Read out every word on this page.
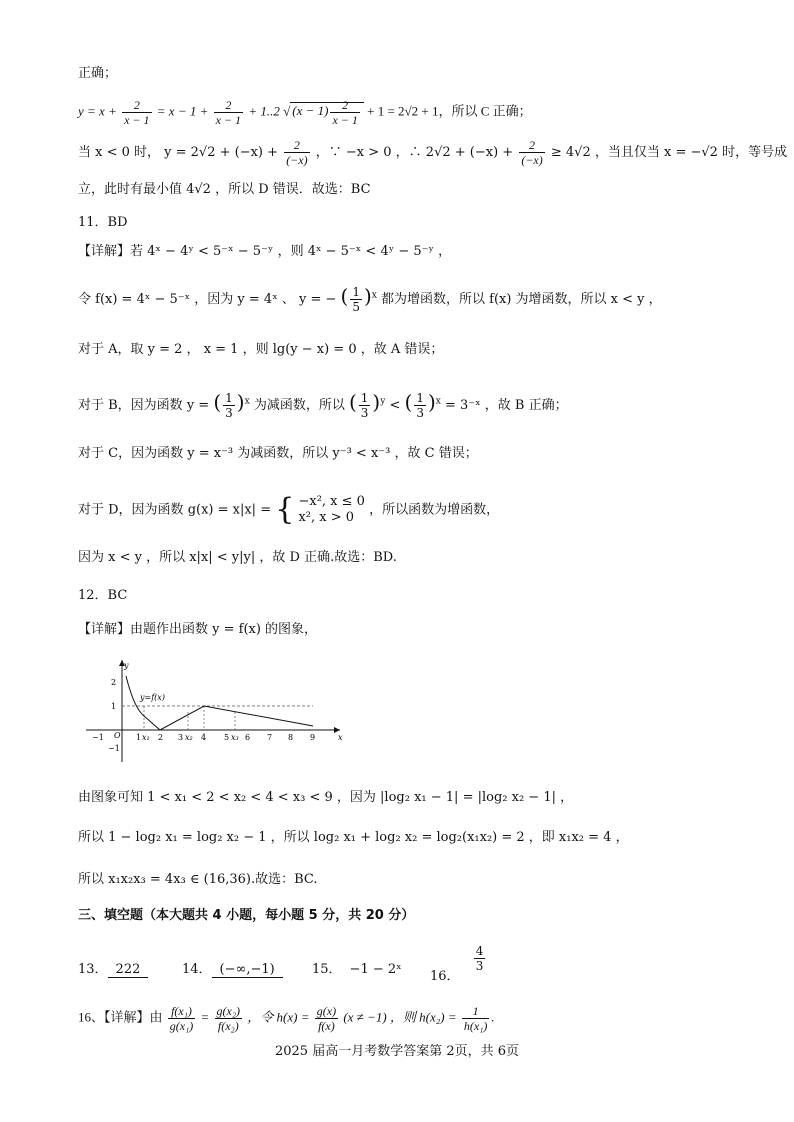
正确；
$y = x + \frac{2}{x - 1} = x - 1 + \frac{2}{x - 1} + 1..2$ √ $(x - 1) \frac{2}{x - 1} + 1 = 2√2 + 1$，所以 C 正确；
当 x < 0 时， $y = 2√2 + (-x) + \frac{2}{(-x)}$ ，∵ −x > 0 ，∴ $2√2 + (-x) + \frac{2}{(-x)} \ge 4√2$ ，当且仅当 x = −√2 时，等号成
立，此时有最小值 4√2 ，所以 D 错误．故选：BC
11．BD
【详解】若 4ˣ − 4ʸ < 5⁻ˣ − 5⁻ʸ ，则 4ˣ − 5⁻ˣ < 4ʸ − 5⁻ʸ ，
令 f(x) = 4ˣ − 5⁻ˣ ，因为 y = 4ˣ 、 y = − ( $\frac{1}{5} )^x$ 都为增函数，所以 f(x) 为增函数，所以 x < y ，
对于 A，取 y = 2 ， x = 1 ，则 lg(y − x) = 0 ，故 A 错误；
对于 B，因为函数 y = ( $\frac{1}{3} )^x$ 为减函数，所以 ( $\frac{1}{3} )^y$ < ( $\frac{1}{3} )^x$ = 3⁻ˣ ，故 B 正确；
对于 C，因为函数 y = x⁻³ 为减函数，所以 y⁻³ < x⁻³ ，故 C 错误；
对于 D，因为函数 g(x) = x|x| = { −x², x ≤ 0
x², x > 0	，所以函数为增函数，
因为 x < y ，所以 x|x| < y|y| ，故 D 正确.故选：BD.
12．BC
【详解】由题作出函数 y = f(x) 的图象，
y
x
O
2
1
−1
y=f(x)
−1	1 x₁ 2 3 x₂ 4 5 x₃ 6 7 8 9
由图象可知 1 < x₁ < 2 < x₂ < 4 < x₃ < 9 ，因为 |log₂ x₁ − 1| = |log₂ x₂ − 1| ，
所以 1 − log₂ x₁ = log₂ x₂ − 1 ，所以 log₂ x₁ + log₂ x₂ = log₂(x₁x₂) = 2 ，即 x₁x₂ = 4 ，
所以 x₁x₂x₃ = 4x₃ ∈ (16,36).故选：BC.
三、填空题（本大题共 4 小题，每小题 5 分，共 20 分）
13． 222	14． (−∞,−1)	15． −1 − 2ˣ 16．
$\frac{4}{3}$
16、【详解】由 $\frac{\text{f(x₁)}}{\text{g(x₁)}} = \frac{\text{g(x₂)}}{\text{f(x₂)}}$ ，令 $h(x) = \frac{g(x)}{f(x)} (x \ne -1)$ ，则 $h(x_2) = \frac{1}{\text{h(x₁)}}$ .
2025 届高一月考数学答案第 2页，共 6页
